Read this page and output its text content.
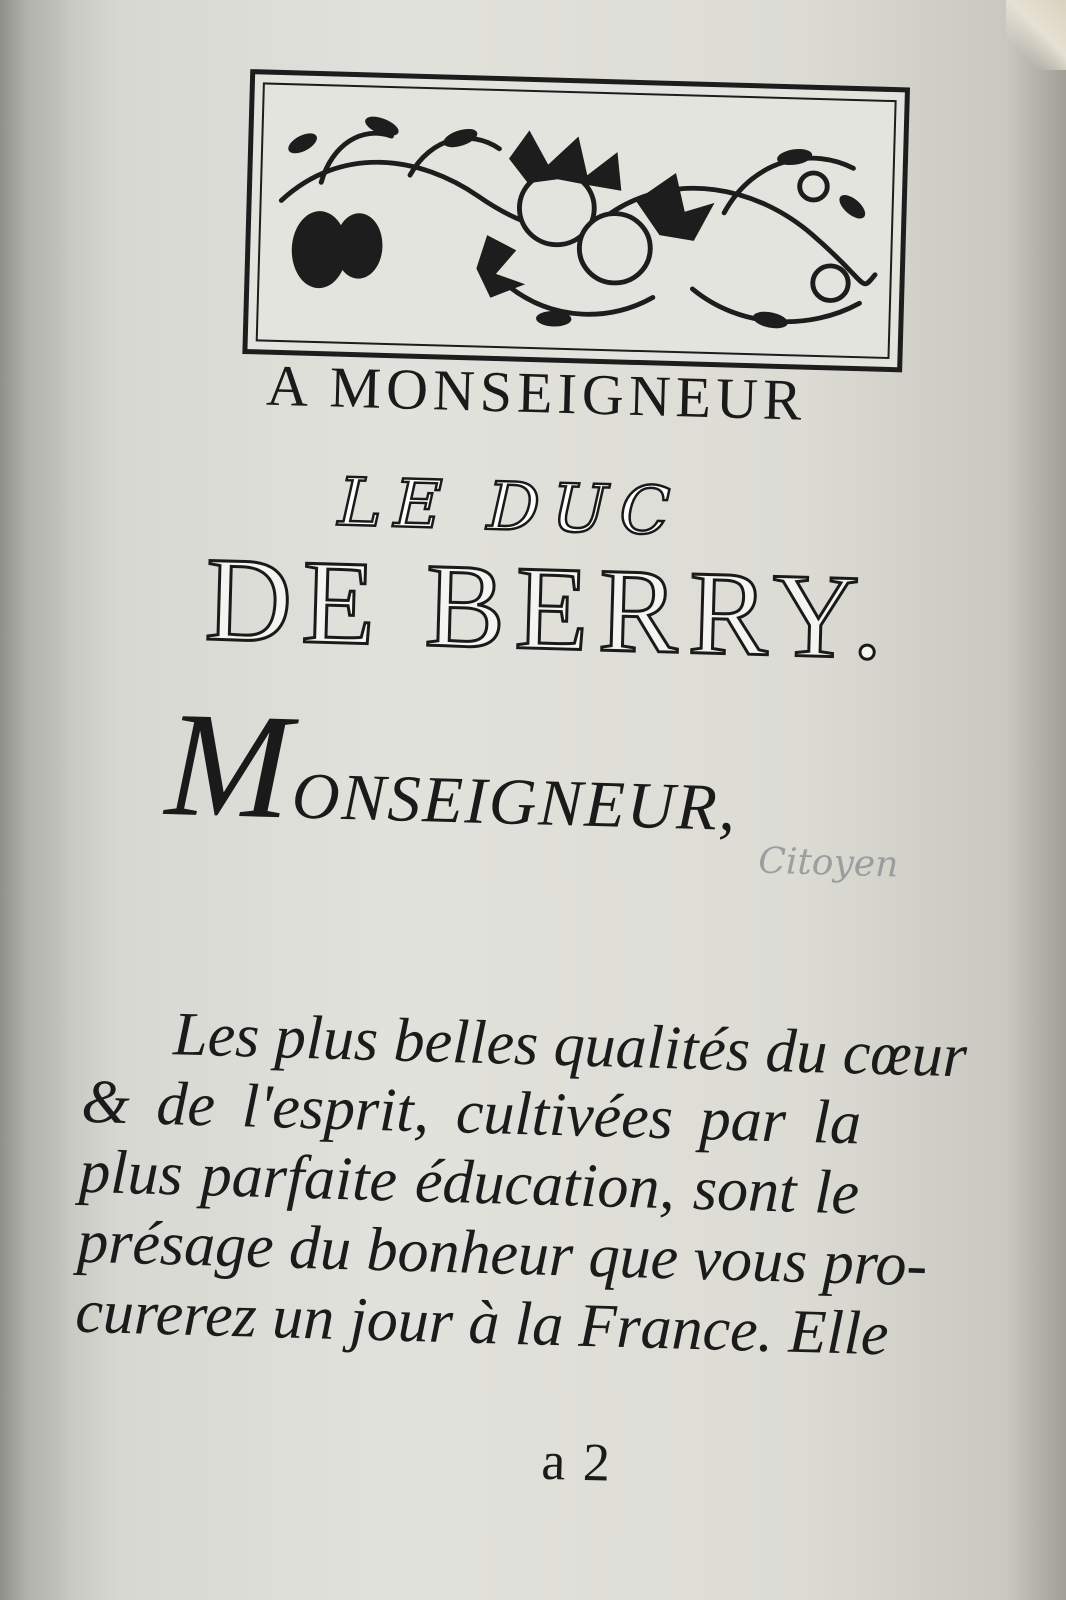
A MONSEIGNEUR
LE DUC
DE BERRY.
MONSEIGNEUR,
Citoyen
Les plus belles qualités du cœur
& de l'esprit, cultivées par la
plus parfaite éducation, sont le
présage du bonheur que vous pro-
curerez un jour à la France. Elle
a 2
